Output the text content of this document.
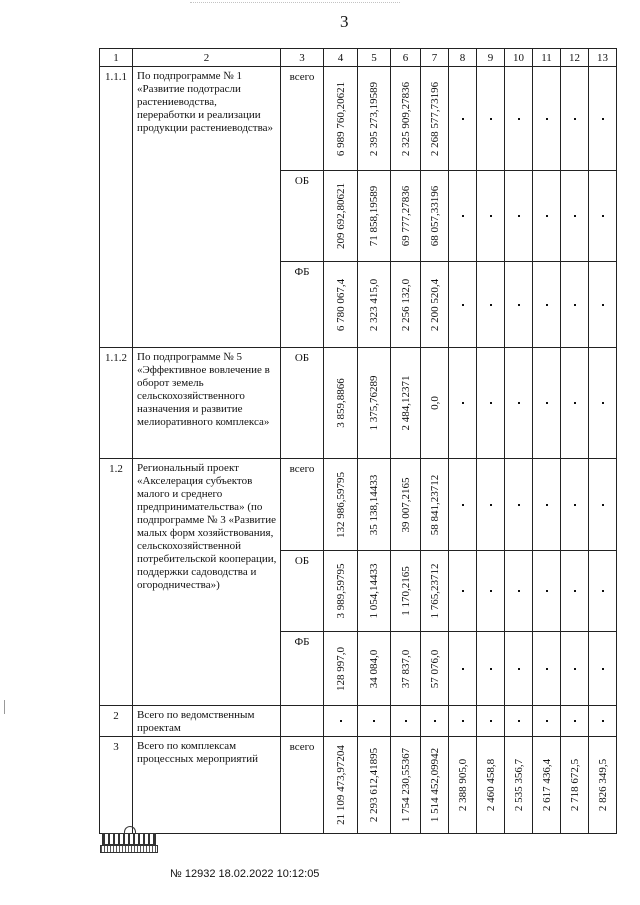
3
1	2	3	4	5	6	7	8	9	10	11	12	13
1.1.1	По подпрограмме № 1 «Развитие подотрасли растениеводства, переработки и реализации продукции растениеводства»	всего	6 989 760,20621	2 395 273,19589	2 325 909,27836	2 268 577,73196						

		ОБ	209 692,80621	71 858,19589	69 777,27836	68 057,33196						

		ФБ	6 780 067,4	2 323 415,0	2 256 132,0	2 200 520,4						

1.1.2	По подпрограмме № 5 «Эффективное вовлечение в оборот земель сельскохозяйственного назначения и развитие мелиоративного комплекса»	ОБ	3 859,8866	1 375,76289	2 484,12371	0,0						

1.2	Региональный проект «Акселерация субъектов малого и среднего предпринимательства» (по подпрограмме № 3 «Развитие малых форм хозяйствования, сельскохозяйственной потребительской кооперации, поддержки садоводства и огородничества»)	всего	132 986,59795	35 138,14433	39 007,2165	58 841,23712						

		ОБ	3 989,59795	1 054,14433	1 170,2165	1 765,23712						

		ФБ	128 997,0	34 084,0	37 837,0	57 076,0						

2	Всего по ведомственным проектам		

3	Всего по комплексам процессных мероприятий	всего	21 109 473,97204	2 293 612,41895	1 754 230,55367	1 514 452,09942	2 388 905,0	2 460 458,8	2 535 356,7	2 617 436,4	2 718 672,5	2 826 349,5
№ 12932 18.02.2022 10:12:05
